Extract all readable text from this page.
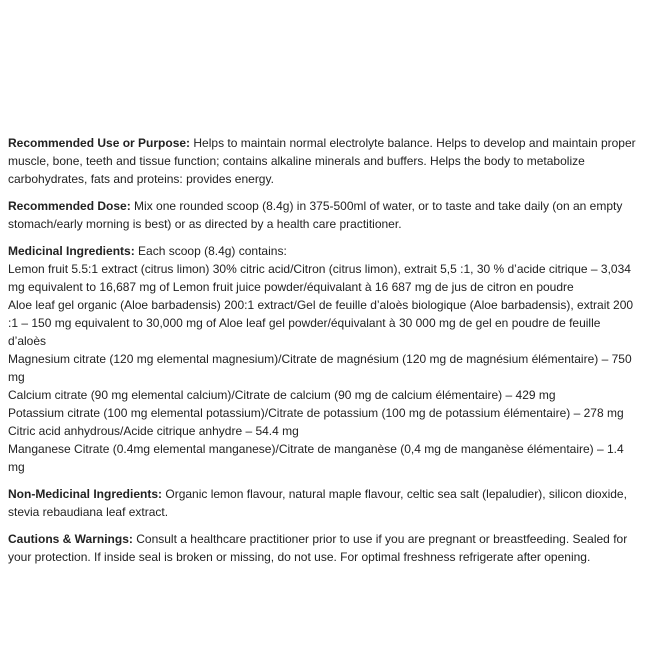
Recommended Use or Purpose: Helps to maintain normal electrolyte balance. Helps to develop and maintain proper muscle, bone, teeth and tissue function; contains alkaline minerals and buffers. Helps the body to metabolize carbohydrates, fats and proteins: provides energy.

Recommended Dose: Mix one rounded scoop (8.4g) in 375-500ml of water, or to taste and take daily (on an empty stomach/early morning is best) or as directed by a health care practitioner.

Medicinal Ingredients: Each scoop (8.4g) contains:

Lemon fruit 5.5:1 extract (citrus limon) 30% citric acid/Citron (citrus limon), extrait 5,5 :1, 30 % d’acide citrique – 3,034 mg equivalent to 16,687 mg of Lemon fruit juice powder/équivalant à 16 687 mg de jus de citron en poudre

Aloe leaf gel organic (Aloe barbadensis) 200:1 extract/Gel de feuille d’aloès biologique (Aloe barbadensis), extrait 200 :1 – 150 mg equivalent to 30,000 mg of Aloe leaf gel powder/équivalant à 30 000 mg de gel en poudre de feuille d’aloès

Magnesium citrate (120 mg elemental magnesium)/Citrate de magnésium (120 mg de magnésium élémentaire) – 750 mg

Calcium citrate (90 mg elemental calcium)/Citrate de calcium (90 mg de calcium élémentaire) – 429 mg

Potassium citrate (100 mg elemental potassium)/Citrate de potassium (100 mg de potassium élémentaire) – 278 mg

Citric acid anhydrous/Acide citrique anhydre – 54.4 mg

Manganese Citrate (0.4mg elemental manganese)/Citrate de manganèse (0,4 mg de manganèse élémentaire) – 1.4 mg

Non-Medicinal Ingredients: Organic lemon flavour, natural maple flavour, celtic sea salt (lepaludier), silicon dioxide, stevia rebaudiana leaf extract.

Cautions & Warnings: Consult a healthcare practitioner prior to use if you are pregnant or breastfeeding. Sealed for your protection. If inside seal is broken or missing, do not use. For optimal freshness refrigerate after opening.
